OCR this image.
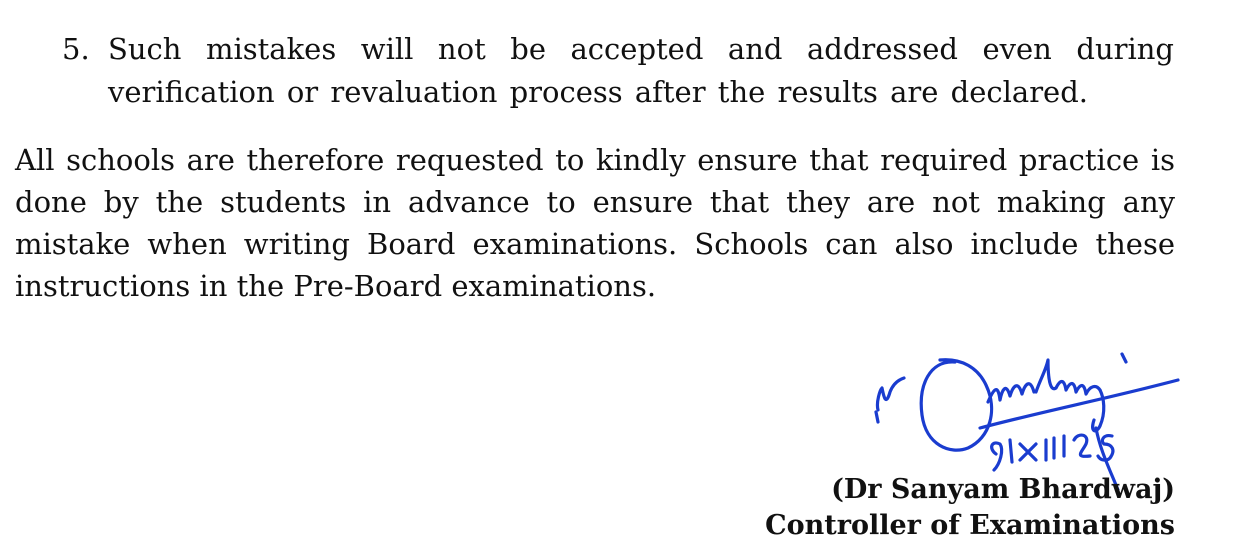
5. Such mistakes will not be accepted and addressed even during verification or revaluation process after the results are declared.
All schools are therefore requested to kindly ensure that required practice is done by the students in advance to ensure that they are not making any mistake when writing Board examinations. Schools can also include these instructions in the Pre-Board examinations.
(Dr Sanyam Bhardwaj)
Controller of Examinations
